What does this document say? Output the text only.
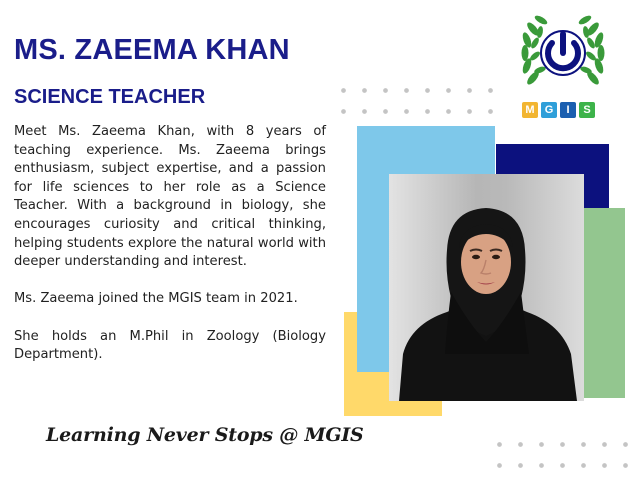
M G	I	S
MS. ZAEEMA KHAN
SCIENCE TEACHER

Meet Ms. Zaeema Khan, with 8 years of teaching experience. Ms. Zaeema brings enthusiasm, subject expertise, and a passion for life sciences to her role as a Science Teacher. With a background in biology, she encourages curiosity and critical thinking, helping students explore the natural world with deeper understanding and interest.

Ms. Zaeema joined the MGIS team in 2021.

She holds an M.Phil in Zoology (Biology Department).

Learning Never Stops @ MGIS
